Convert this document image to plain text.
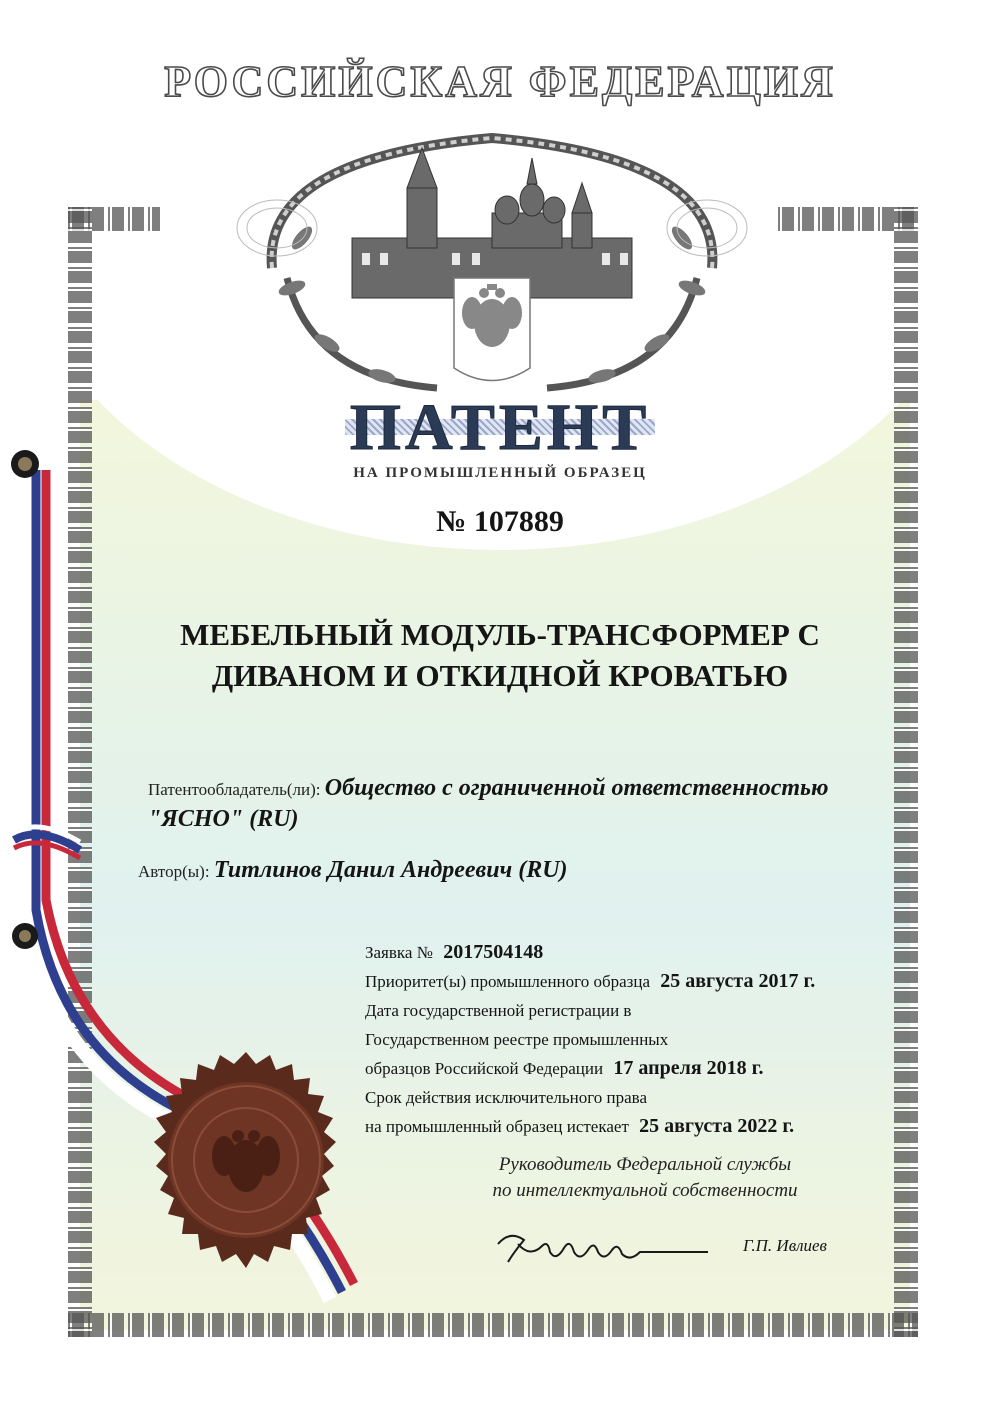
РОССИЙСКАЯ ФЕДЕРАЦИЯ
ПАТЕНТ
НА ПРОМЫШЛЕННЫЙ ОБРАЗЕЦ
№ 107889
МЕБЕЛЬНЫЙ МОДУЛЬ-ТРАНСФОРМЕР С
ДИВАНОМ И ОТКИДНОЙ КРОВАТЬЮ
Патентообладатель(ли): Общество с ограниченной ответственностью
"ЯСНО" (RU)
Автор(ы): Титлинов Данил Андреевич (RU)
Заявка № 2017504148
Приоритет(ы) промышленного образца 25 августа 2017 г.
Дата государственной регистрации в
Государственном реестре промышленных
образцов Российской Федерации 17 апреля 2018 г.
Срок действия исключительного права
на промышленный образец истекает 25 августа 2022 г.
Руководитель Федеральной службы
по интеллектуальной собственности
Г.П. Ивлиев
